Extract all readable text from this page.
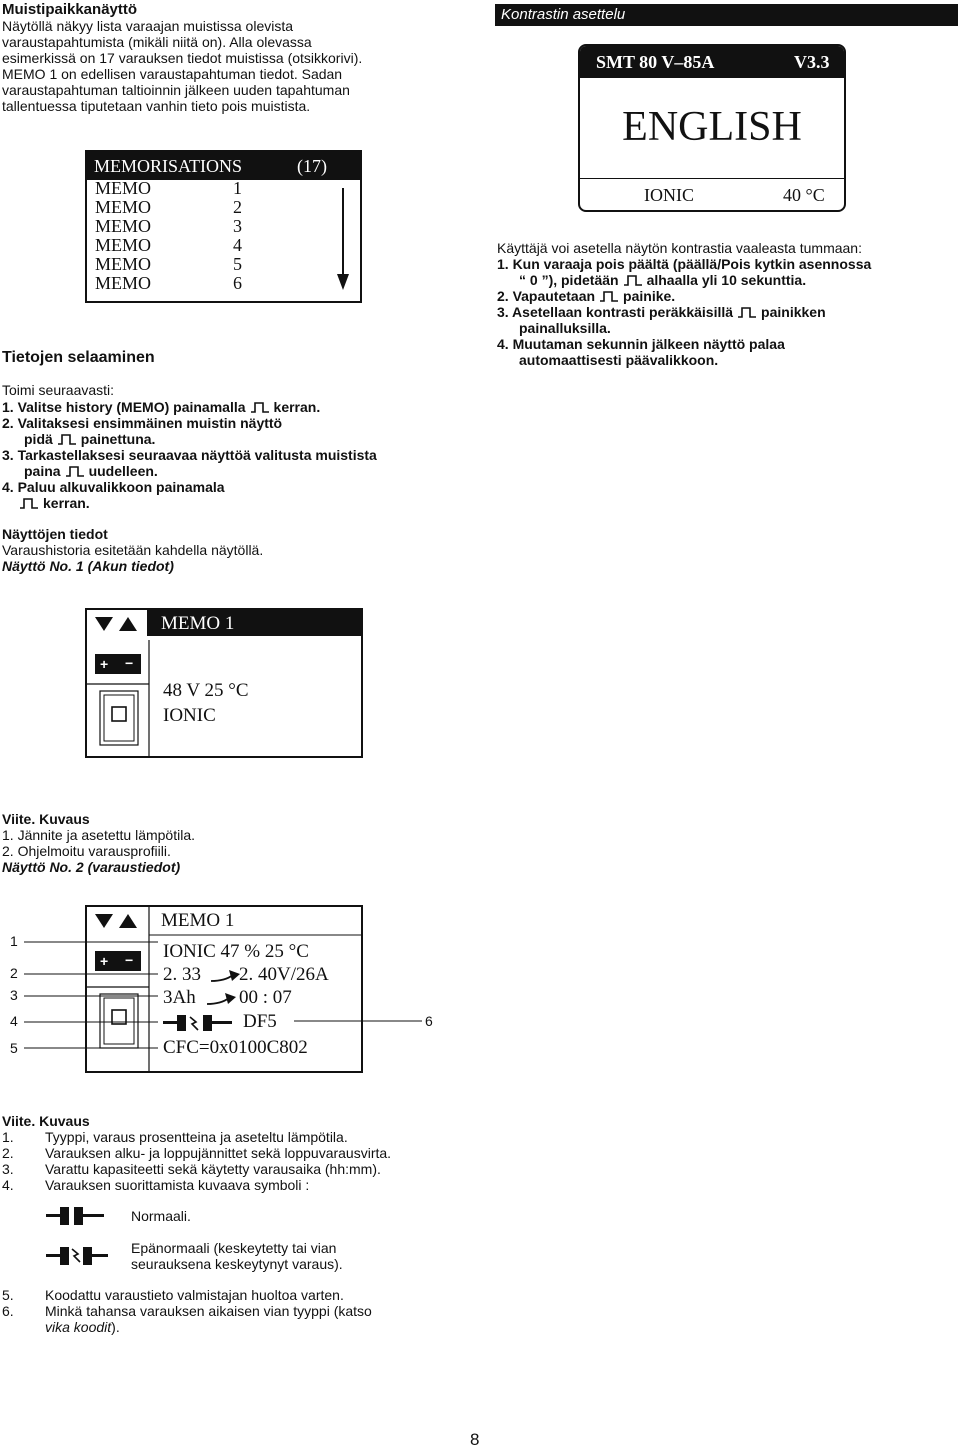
Muistipaikkanäyttö
Näytöllä näkyy lista varaajan muistissa olevista
varaustapahtumista (mikäli niitä on). Alla olevassa
esimerkissä on 17 varauksen tiedot muistissa (otsikkorivi).
MEMO 1 on edellisen varaustapahtuman tiedot. Sadan
varaustapahtuman taltioinnin jälkeen uuden tapahtuman
tallentuessa tiputetaan vanhin tieto pois muistista.
MEMORISATIONS	(17)
MEMO	1
MEMO	2
MEMO	3
MEMO	4
MEMO	5
MEMO	6
Tietojen selaaminen
Toimi seuraavasti:
1. Valitse history (MEMO) painamalla kerran.
2. Valitaksesi ensimmäinen muistin näyttö
pidä painettuna.
3. Tarkastellaksesi seuraavaa näyttöä valitusta muistista
paina uudelleen.
4. Paluu alkuvalikkoon painamala
kerran.
Näyttöjen tiedot
Varaushistoria esitetään kahdella näytöllä.
Näyttö No. 1 (Akun tiedot)
MEMO 1
+ −
48 V 25 °C
IONIC
Viite. Kuvaus
1. Jännite ja asetettu lämpötila.
2. Ohjelmoitu varausprofiili.
Näyttö No. 2 (varaustiedot)
1
2
3
4
5
6
MEMO 1
+ − IONIC 47 % 25 °C
2. 33 2. 40V/26A
3Ah 00 : 07
DF5
CFC=0x0100C802
Viite. Kuvaus
1. Tyyppi, varaus prosentteina ja aseteltu lämpötila.
2. Varauksen alku- ja loppujännittet sekä loppuvarausvirta.
3. Varattu kapasiteetti sekä käytetty varausaika (hh:mm).
4. Varauksen suorittamista kuvaava symboli :
Normaali.
Epänormaali (keskeytetty tai vian
seurauksena keskeytynyt varaus).
5. Koodattu varaustieto valmistajan huoltoa varten.
6. Minkä tahansa varauksen aikaisen vian tyyppi (katso
vika koodit).
Kontrastin asettelu
SMT 80 V–85A	V3.3
ENGLISH
IONIC	40 °C
Käyttäjä voi asetella näytön kontrastia vaaleasta tummaan:
1. Kun varaaja pois päältä (päällä/Pois kytkin asennossa
“ 0 ”), pidetään alhaalla yli 10 sekunttia.
2. Vapautetaan painike.
3. Asetellaan kontrasti peräkkäisillä painikken
painalluksilla.
4. Muutaman sekunnin jälkeen näyttö palaa
automaattisesti päävalikkoon.
8
